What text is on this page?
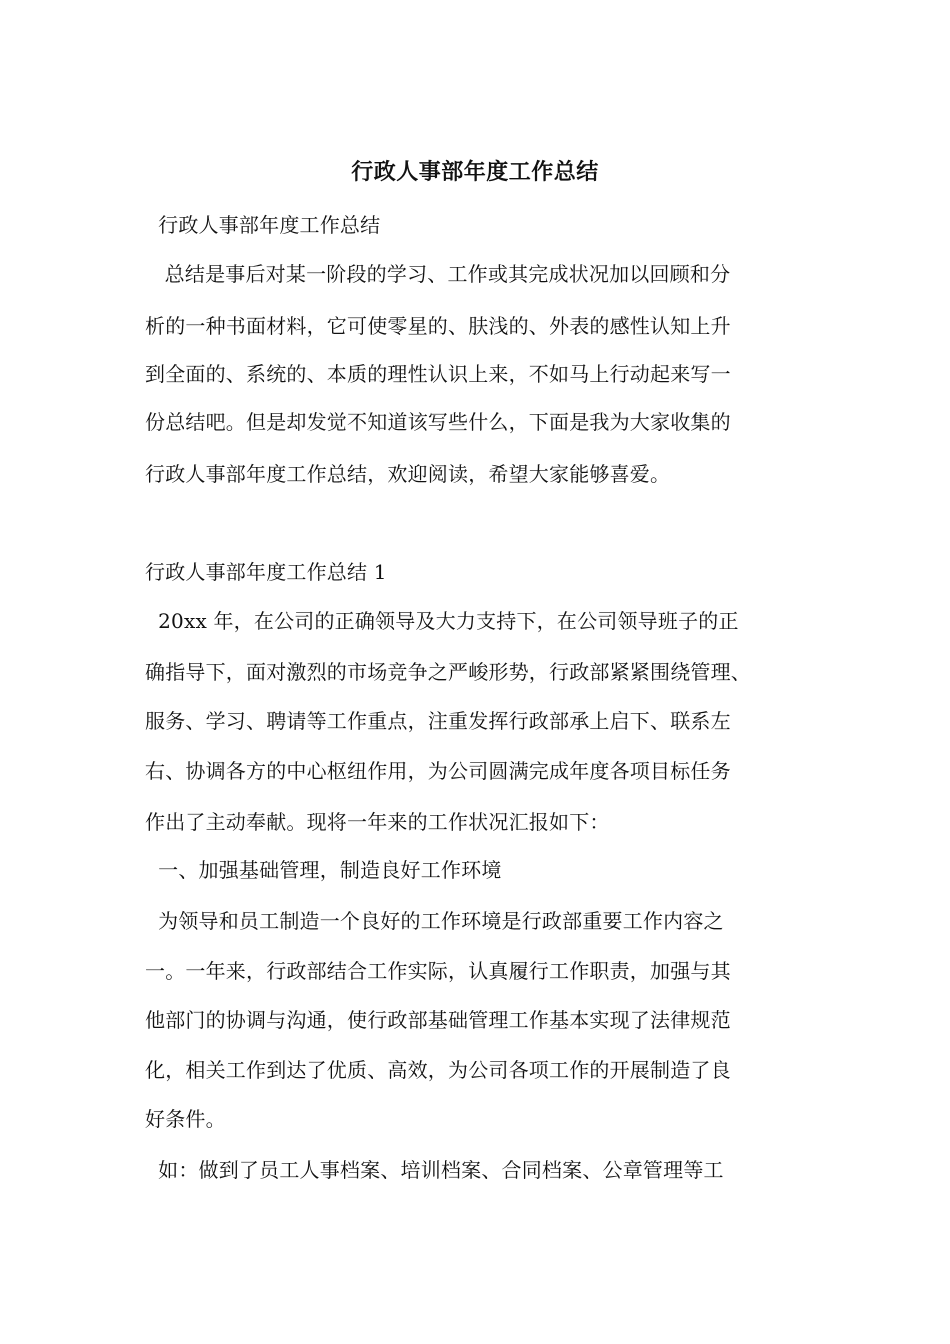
行政人事部年度工作总结
行政人事部年度工作总结
总结是事后对某一阶段的学习、工作或其完成状况加以回顾和分
析的一种书面材料，它可使零星的、肤浅的、外表的感性认知上升
到全面的、系统的、本质的理性认识上来，不如马上行动起来写一
份总结吧。但是却发觉不知道该写些什么，下面是我为大家收集的
行政人事部年度工作总结，欢迎阅读，希望大家能够喜爱。
行政人事部年度工作总结 1
20xx 年，在公司的正确领导及大力支持下，在公司领导班子的正
确指导下，面对激烈的市场竞争之严峻形势，行政部紧紧围绕管理、
服务、学习、聘请等工作重点，注重发挥行政部承上启下、联系左
右、协调各方的中心枢纽作用，为公司圆满完成年度各项目标任务
作出了主动奉献。现将一年来的工作状况汇报如下：
一、加强基础管理，制造良好工作环境
为领导和员工制造一个良好的工作环境是行政部重要工作内容之
一。一年来，行政部结合工作实际，认真履行工作职责，加强与其
他部门的协调与沟通，使行政部基础管理工作基本实现了法律规范
化，相关工作到达了优质、高效，为公司各项工作的开展制造了良
好条件。
如：做到了员工人事档案、培训档案、合同档案、公章管理等工
